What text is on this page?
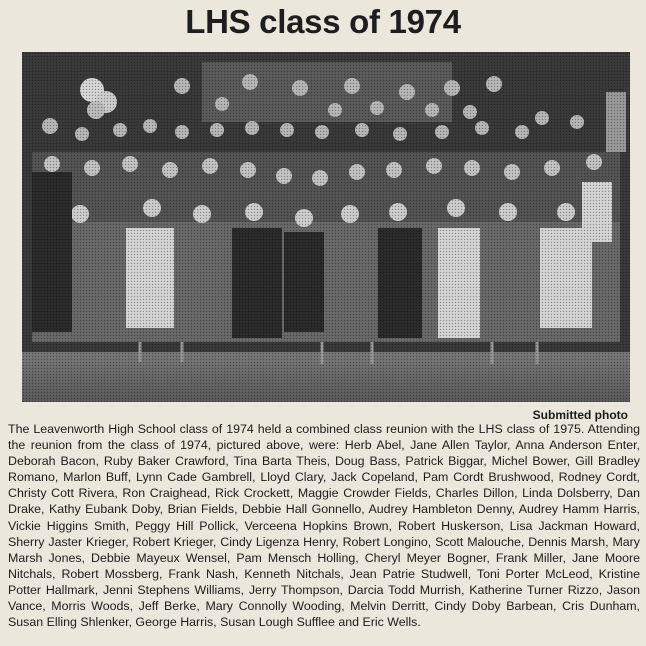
LHS class of 1974
Submitted photo

The Leavenworth High School class of 1974 held a combined class reunion with the LHS class of 1975. Attending the reunion from the class of 1974, pictured above, were: Herb Abel, Jane Allen Taylor, Anna Anderson Enter, Deborah Bacon, Ruby Baker Crawford, Tina Barta Theis, Doug Bass, Patrick Biggar, Michel Bower, Gill Bradley Romano, Marlon Buff, Lynn Cade Gambrell, Lloyd Clary, Jack Copeland, Pam Cordt Brushwood, Rodney Cordt, Christy Cott Rivera, Ron Craighead, Rick Crockett, Maggie Crowder Fields, Charles Dillon, Linda Dolsberry, Dan Drake, Kathy Eubank Doby, Brian Fields, Debbie Hall Gonnello, Audrey Hambleton Denny, Audrey Hamm Harris, Vickie Higgins Smith, Peggy Hill Pollick, Verceena Hopkins Brown, Robert Huskerson, Lisa Jackman Howard, Sherry Jaster Krieger, Robert Krieger, Cindy Ligenza Henry, Robert Longino, Scott Malouche, Dennis Marsh, Mary Marsh Jones, Debbie Mayeux Wensel, Pam Mensch Holling, Cheryl Meyer Bogner, Frank Miller, Jane Moore Nitchals, Robert Mossberg, Frank Nash, Kenneth Nitchals, Jean Patrie Studwell, Toni Porter McLeod, Kristine Potter Hallmark, Jenni Stephens Williams, Jerry Thompson, Darcia Todd Murrish, Katherine Turner Rizzo, Jason Vance, Morris Woods, Jeff Berke, Mary Connolly Wooding, Melvin Derritt, Cindy Doby Barbean, Cris Dunham, Susan Elling Shlenker, George Harris, Susan Lough Sufflee and Eric Wells.
